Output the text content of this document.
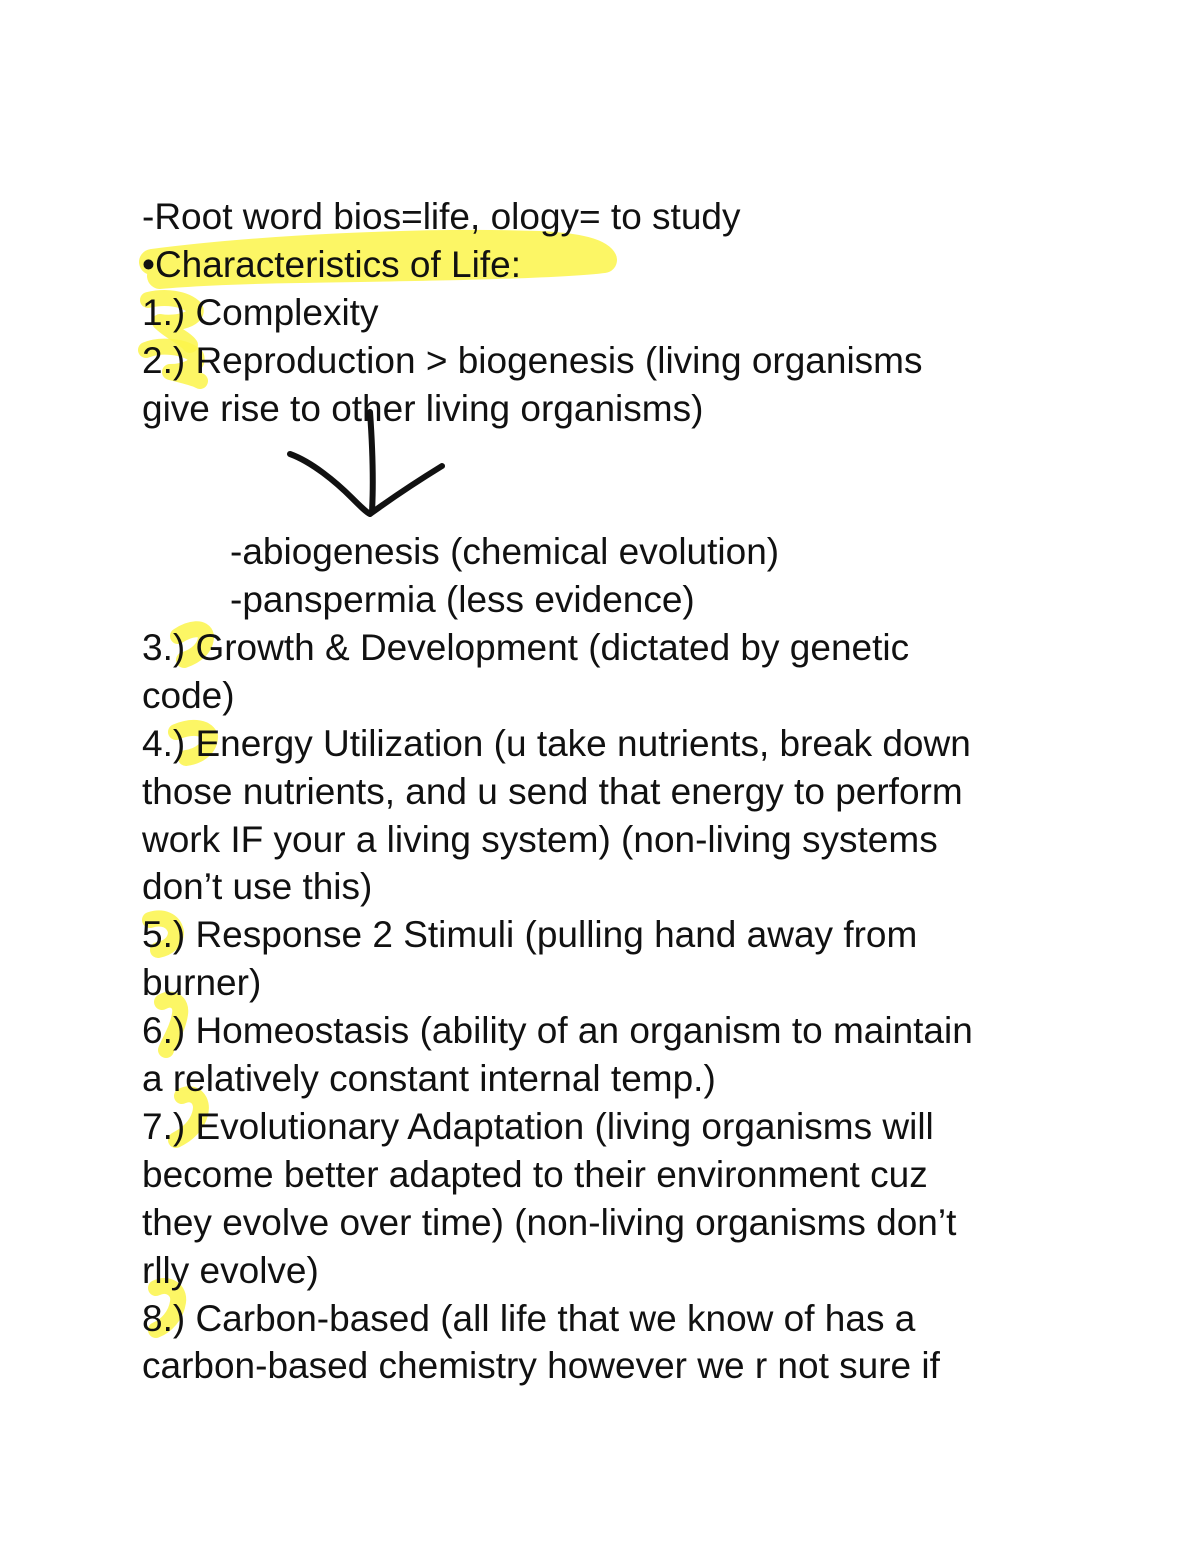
-Root word bios=life, ology= to study
•Characteristics of Life:
1.) Complexity
2.) Reproduction > biogenesis (living organisms
give rise to other living organisms)
-abiogenesis (chemical evolution)
-panspermia (less evidence)
3.) Growth & Development (dictated by genetic
code)
4.) Energy Utilization (u take nutrients, break down
those nutrients, and u send that energy to perform
work IF your a living system) (non-living systems
don’t use this)
5.) Response 2 Stimuli (pulling hand away from
burner)
6.) Homeostasis (ability of an organism to maintain
a relatively constant internal temp.)
7.) Evolutionary Adaptation (living organisms will
become better adapted to their environment cuz
they evolve over time) (non-living organisms don’t
rlly evolve)
8.) Carbon-based (all life that we know of has a
carbon-based chemistry however we r not sure if
